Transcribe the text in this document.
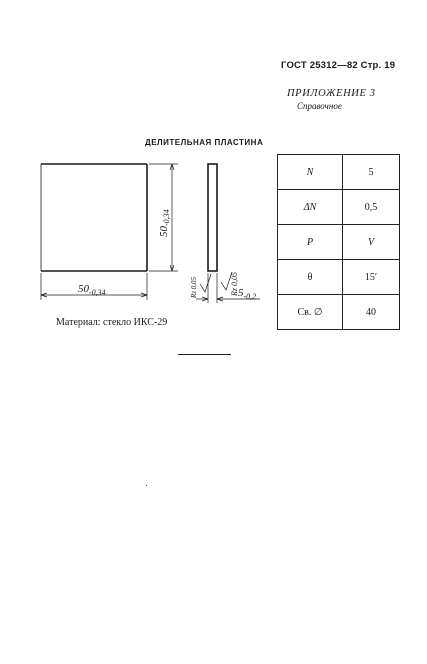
ГОСТ 25312—82 Стр. 19
ПРИЛОЖЕНИЕ 3
Справочное
ДЕЛИТЕЛЬНАЯ ПЛАСТИНА
50-0,34
$50_{-0,34}$	Rz 0,05	Rz 0,05 $5_{-0,2}$
N	5
ΔN	0,5
P	V
θ	15′
Св. ∅	40
Материал: стекло ИКС-29
